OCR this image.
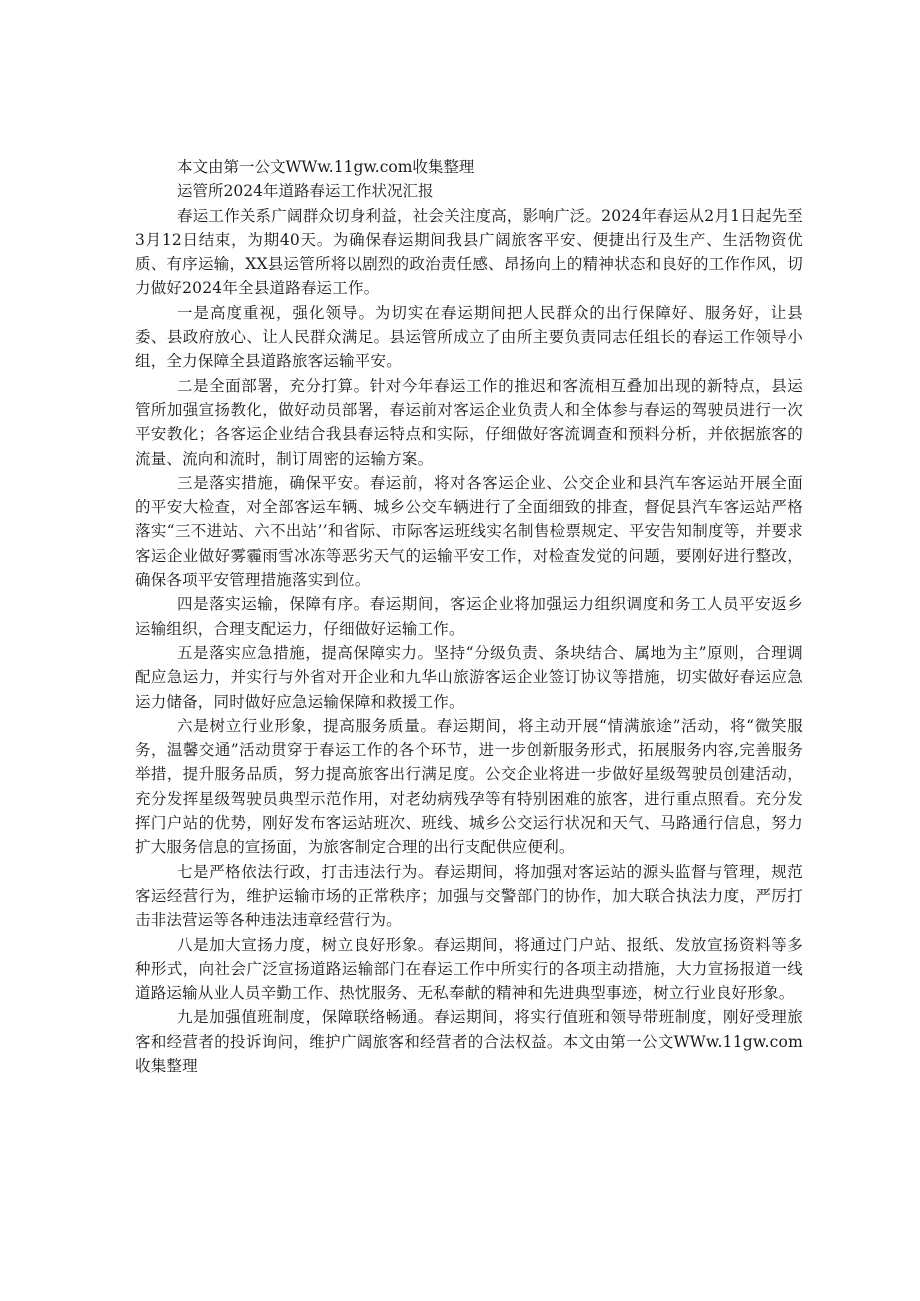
本文由第一公文WWw.11gw.com收集整理

运管所2024年道路春运工作状况汇报

春运工作关系广阔群众切身利益，社会关注度高，影响广泛。2024年春运从2月1日起先至3月12日结束，为期40天。为确保春运期间我县广阔旅客平安、便捷出行及生产、生活物资优质、有序运输，XX县运管所将以剧烈的政治责任感、昂扬向上的精神状态和良好的工作作风，切力做好2024年全县道路春运工作。

一是高度重视，强化领导。为切实在春运期间把人民群众的出行保障好、服务好，让县委、县政府放心、让人民群众满足。县运管所成立了由所主要负责同志任组长的春运工作领导小组，全力保障全县道路旅客运输平安。

二是全面部署，充分打算。针对今年春运工作的推迟和客流相互叠加出现的新特点，县运管所加强宣扬教化，做好动员部署，春运前对客运企业负责人和全体参与春运的驾驶员进行一次平安教化；各客运企业结合我县春运特点和实际，仔细做好客流调查和预料分析，并依据旅客的流量、流向和流时，制订周密的运输方案。

三是落实措施，确保平安。春运前，将对各客运企业、公交企业和县汽车客运站开展全面的平安大检查，对全部客运车辆、城乡公交车辆进行了全面细致的排查，督促县汽车客运站严格落实“三不进站、六不出站’’和省际、市际客运班线实名制售检票规定、平安告知制度等，并要求客运企业做好雾霾雨雪冰冻等恶劣天气的运输平安工作，对检查发觉的问题，要刚好进行整改，确保各项平安管理措施落实到位。

四是落实运输，保障有序。春运期间，客运企业将加强运力组织调度和务工人员平安返乡运输组织，合理支配运力，仔细做好运输工作。

五是落实应急措施，提高保障实力。坚持“分级负责、条块结合、属地为主”原则，合理调配应急运力，并实行与外省对开企业和九华山旅游客运企业签订协议等措施，切实做好春运应急运力储备，同时做好应急运输保障和救援工作。

六是树立行业形象，提高服务质量。春运期间，将主动开展“情满旅途”活动，将“微笑服务，温馨交通”活动贯穿于春运工作的各个环节，进一步创新服务形式，拓展服务内容,完善服务举措，提升服务品质，努力提高旅客出行满足度。公交企业将进一步做好星级驾驶员创建活动，充分发挥星级驾驶员典型示范作用，对老幼病残孕等有特别困难的旅客，进行重点照看。充分发挥门户站的优势，刚好发布客运站班次、班线、城乡公交运行状况和天气、马路通行信息，努力扩大服务信息的宣扬面，为旅客制定合理的出行支配供应便利。

七是严格依法行政，打击违法行为。春运期间，将加强对客运站的源头监督与管理，规范客运经营行为，维护运输市场的正常秩序；加强与交警部门的协作，加大联合执法力度，严厉打击非法营运等各种违法违章经营行为。

八是加大宣扬力度，树立良好形象。春运期间，将通过门户站、报纸、发放宣扬资料等多种形式，向社会广泛宣扬道路运输部门在春运工作中所实行的各项主动措施，大力宣扬报道一线道路运输从业人员辛勤工作、热忱服务、无私奉献的精神和先进典型事迹，树立行业良好形象。

九是加强值班制度，保障联络畅通。春运期间，将实行值班和领导带班制度，刚好受理旅客和经营者的投诉询问，维护广阔旅客和经营者的合法权益。本文由第一公文WWw.11gw.com收集整理
